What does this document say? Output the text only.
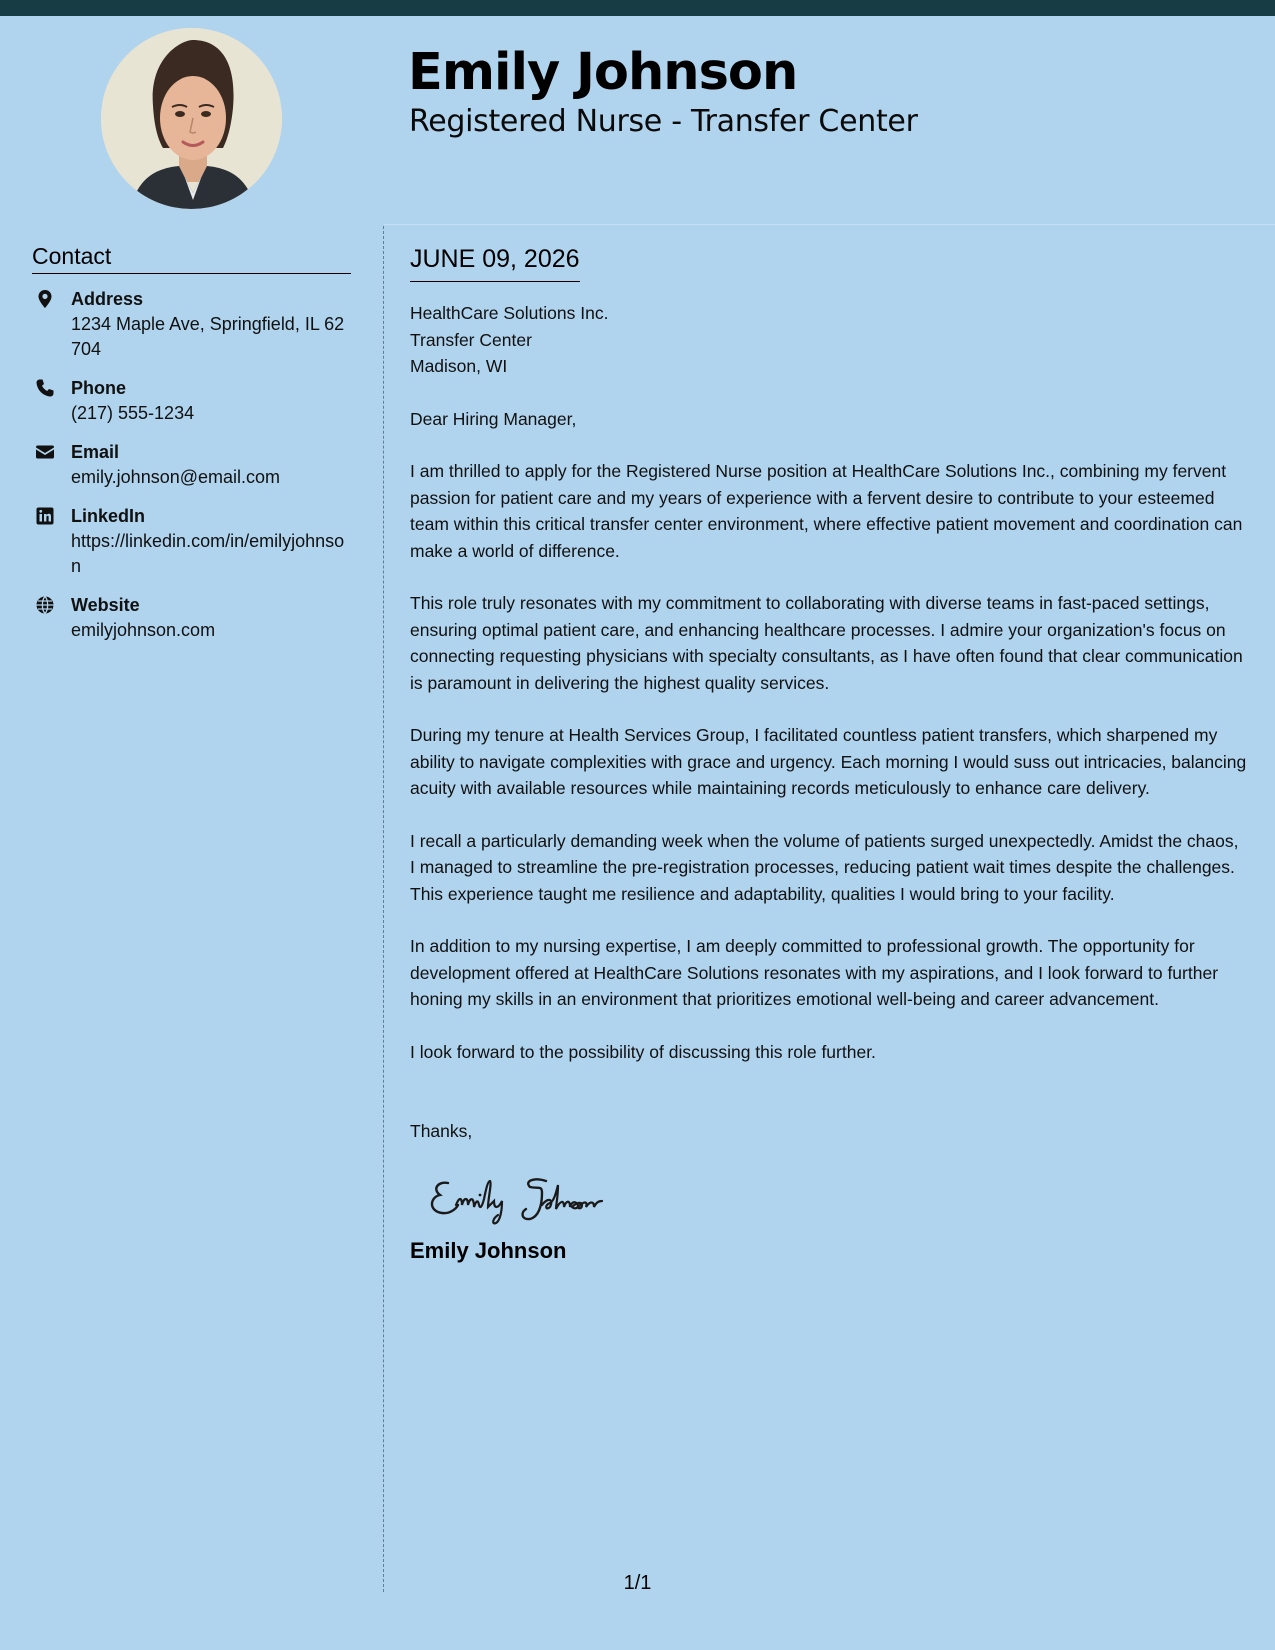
Emily Johnson
Registered Nurse - Transfer Center
Contact
Address
1234 Maple Ave, Springfield, IL 62704
Phone
(217) 555-1234
Email
emily.johnson@email.com
LinkedIn
https://linkedin.com/in/emilyjohnson
Website
emilyjohnson.com
JUNE 09, 2026
HealthCare Solutions Inc.
Transfer Center
Madison, WI
Dear Hiring Manager,

I am thrilled to apply for the Registered Nurse position at HealthCare Solutions Inc., combining my fervent passion for patient care and my years of experience with a fervent desire to contribute to your esteemed team within this critical transfer center environment, where effective patient movement and coordination can make a world of difference.

This role truly resonates with my commitment to collaborating with diverse teams in fast-paced settings, ensuring optimal patient care, and enhancing healthcare processes. I admire your organization's focus on connecting requesting physicians with specialty consultants, as I have often found that clear communication is paramount in delivering the highest quality services.

During my tenure at Health Services Group, I facilitated countless patient transfers, which sharpened my ability to navigate complexities with grace and urgency. Each morning I would suss out intricacies, balancing acuity with available resources while maintaining records meticulously to enhance care delivery.

I recall a particularly demanding week when the volume of patients surged unexpectedly. Amidst the chaos, I managed to streamline the pre-registration processes, reducing patient wait times despite the challenges. This experience taught me resilience and adaptability, qualities I would bring to your facility.

In addition to my nursing expertise, I am deeply committed to professional growth. The opportunity for development offered at HealthCare Solutions resonates with my aspirations, and I look forward to further honing my skills in an environment that prioritizes emotional well-being and career advancement.

I look forward to the possibility of discussing this role further.

Thanks,
Emily Johnson
1/1
